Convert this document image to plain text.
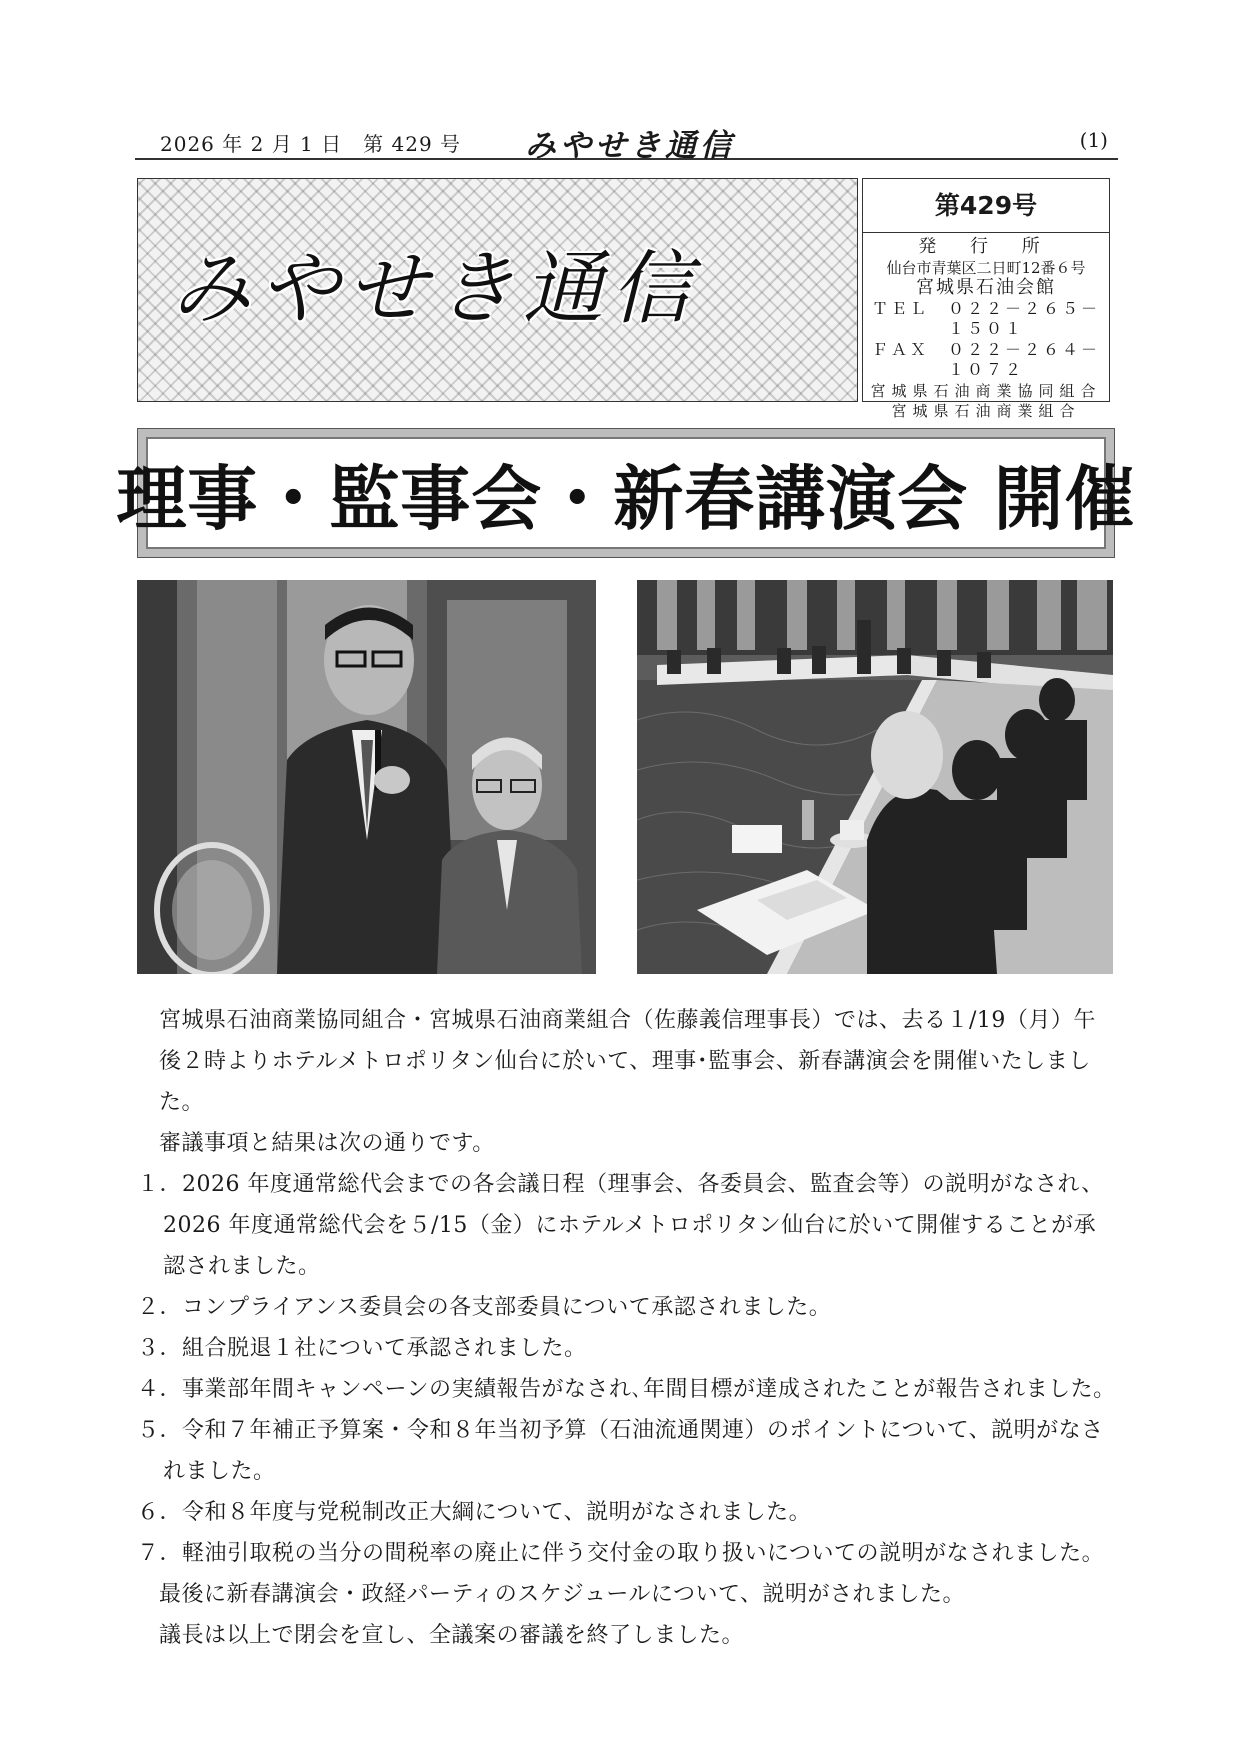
2026 年 2 月 1 日　第 429 号 みやせき通信	(1)
みやせき通信
第429号
発 行 所
仙台市青葉区二日町12番６号
宮城県石油会館
ＴＥＬ　０２２－２６５－１５０１
ＦＡＸ　０２２－２６４－１０７２
宮城県石油商業協同組合
宮城県石油商業組合
理事・監事会・新春講演会 開催

宮城県石油商業協同組合・宮城県石油商業組合（佐藤義信理事長）では、去る１/19（月）午後２時よりホテルメトロポリタン仙台に於いて、理事･監事会、新春講演会を開催いたしました。

審議事項と結果は次の通りです。

１．2026 年度通常総代会までの各会議日程（理事会、各委員会、監査会等）の説明がなされ、2026 年度通常総代会を５/15（金）にホテルメトロポリタン仙台に於いて開催することが承認されました。

２．コンプライアンス委員会の各支部委員について承認されました。

３．組合脱退１社について承認されました。

４．事業部年間キャンペーンの実績報告がなされ､年間目標が達成されたことが報告されました。

５．令和７年補正予算案・令和８年当初予算（石油流通関連）のポイントについて、説明がなされました。

６．令和８年度与党税制改正大綱について、説明がなされました。

７．軽油引取税の当分の間税率の廃止に伴う交付金の取り扱いについての説明がなされました。

最後に新春講演会・政経パーティのスケジュールについて、説明がされました。

議長は以上で閉会を宣し、全議案の審議を終了しました。
